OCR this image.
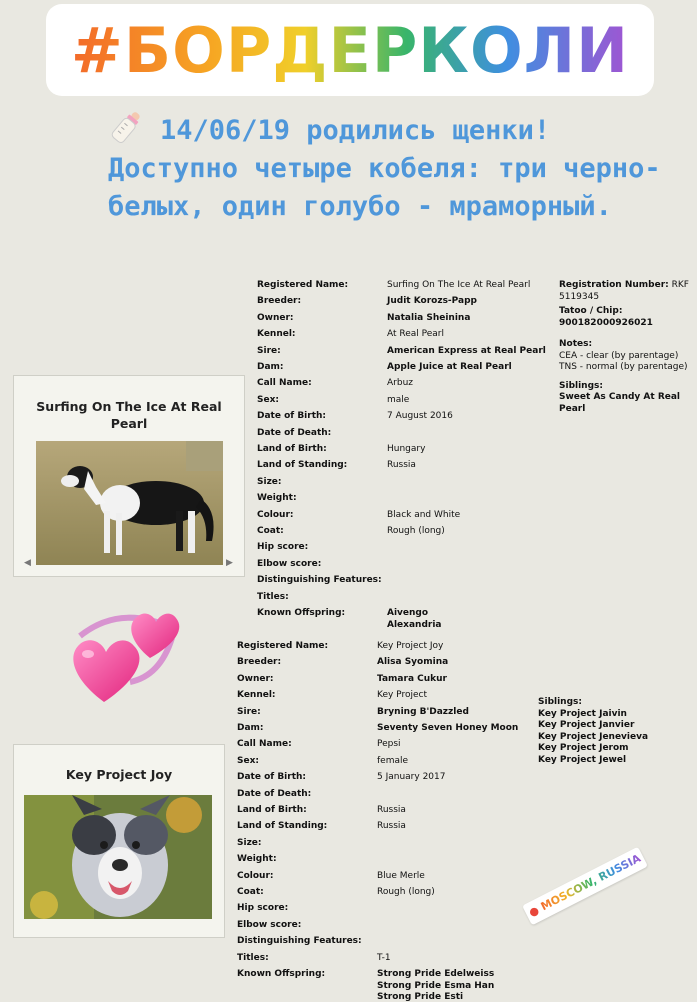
#БОРДЕРКОЛИ
14/06/19 родились щенки! Доступно четыре кобеля: три черно-белых, один голубо - мраморный.
Surfing On The Ice At Real Pearl
◀	▶
Registered Name:	Surfing On The Ice At Real Pearl
Breeder:	Judit Korozs-Papp
Owner:	Natalia Sheinina
Kennel:	At Real Pearl
Sire:	American Express at Real Pearl
Dam:	Apple Juice at Real Pearl
Call Name:	Arbuz
Sex:	male
Date of Birth:	7 August 2016
Date of Death:
Land of Birth:	Hungary
Land of Standing:	Russia
Size:
Weight:
Colour:	Black and White
Coat:	Rough (long)
Hip score:
Elbow score:
Distinguishing Features:
Titles:
Known Offspring:	Aivengo
Alexandria
Registration Number: RKF 5119345
Tatoo / Chip:
900182000926021
Notes:
CEA - clear (by parentage)
TNS - normal (by parentage)
Siblings:
Sweet As Candy At Real
Pearl
Key Project Joy
Registered Name:	Key Project Joy
Breeder:	Alisa Syomina
Owner:	Tamara Cukur
Kennel:	Key Project
Sire:	Bryning B'Dazzled
Dam:	Seventy Seven Honey Moon
Call Name:	Pepsi
Sex:	female
Date of Birth:	5 January 2017
Date of Death:
Land of Birth:	Russia
Land of Standing:	Russia
Size:
Weight:
Colour:	Blue Merle
Coat:	Rough (long)
Hip score:
Elbow score:
Distinguishing Features:
Titles:	T-1
Known Offspring:	Strong Pride Edelweiss
Strong Pride Esma Han
Strong Pride Esti
Siblings:
Key Project Jaivin
Key Project Janvier
Key Project Jenevieva
Key Project Jerom
Key Project Jewel
● MOSCOW, RUSSIA
